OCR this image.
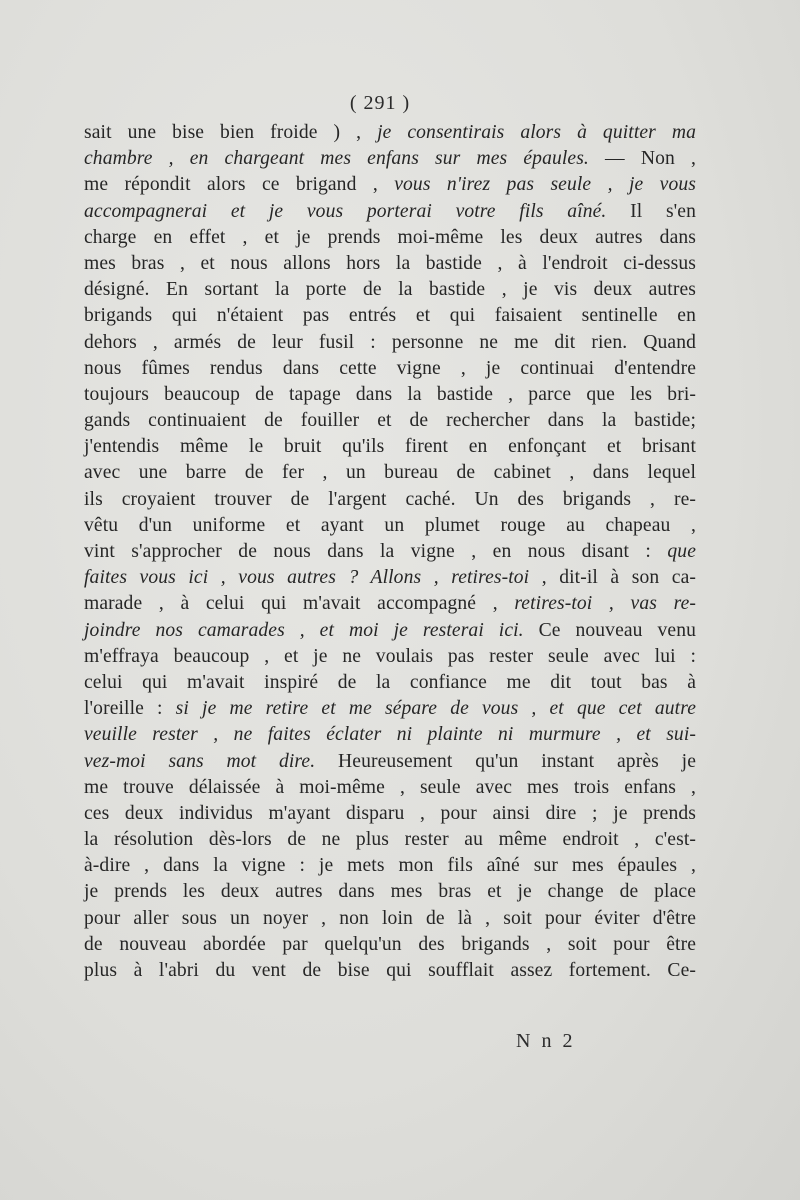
( 291 )
sait une bise bien froide ) , je consentirais alors à quitter ma
chambre , en chargeant mes enfans sur mes épaules. — Non ,
me répondit alors ce brigand , vous n'irez pas seule , je vous
accompagnerai et je vous porterai votre fils aîné. Il s'en
charge en effet , et je prends moi-même les deux autres dans
mes bras , et nous allons hors la bastide , à l'endroit ci-dessus
désigné. En sortant la porte de la bastide , je vis deux autres
brigands qui n'étaient pas entrés et qui faisaient sentinelle en
dehors , armés de leur fusil : personne ne me dit rien. Quand
nous fûmes rendus dans cette vigne , je continuai d'entendre
toujours beaucoup de tapage dans la bastide , parce que les bri-
gands continuaient de fouiller et de rechercher dans la bastide;
j'entendis même le bruit qu'ils firent en enfonçant et brisant
avec une barre de fer , un bureau de cabinet , dans lequel
ils croyaient trouver de l'argent caché. Un des brigands , re-
vêtu d'un uniforme et ayant un plumet rouge au chapeau ,
vint s'approcher de nous dans la vigne , en nous disant : que
faites vous ici , vous autres ? Allons , retires-toi , dit-il à son ca-
marade , à celui qui m'avait accompagné , retires-toi , vas re-
joindre nos camarades , et moi je resterai ici. Ce nouveau venu
m'effraya beaucoup , et je ne voulais pas rester seule avec lui :
celui qui m'avait inspiré de la confiance me dit tout bas à
l'oreille : si je me retire et me sépare de vous , et que cet autre
veuille rester , ne faites éclater ni plainte ni murmure , et sui-
vez-moi sans mot dire. Heureusement qu'un instant après je
me trouve délaissée à moi-même , seule avec mes trois enfans ,
ces deux individus m'ayant disparu , pour ainsi dire ; je prends
la résolution dès-lors de ne plus rester au même endroit , c'est-
à-dire , dans la vigne : je mets mon fils aîné sur mes épaules ,
je prends les deux autres dans mes bras et je change de place
pour aller sous un noyer , non loin de là , soit pour éviter d'être
de nouveau abordée par quelqu'un des brigands , soit pour être
plus à l'abri du vent de bise qui soufflait assez fortement. Ce-
N n 2
